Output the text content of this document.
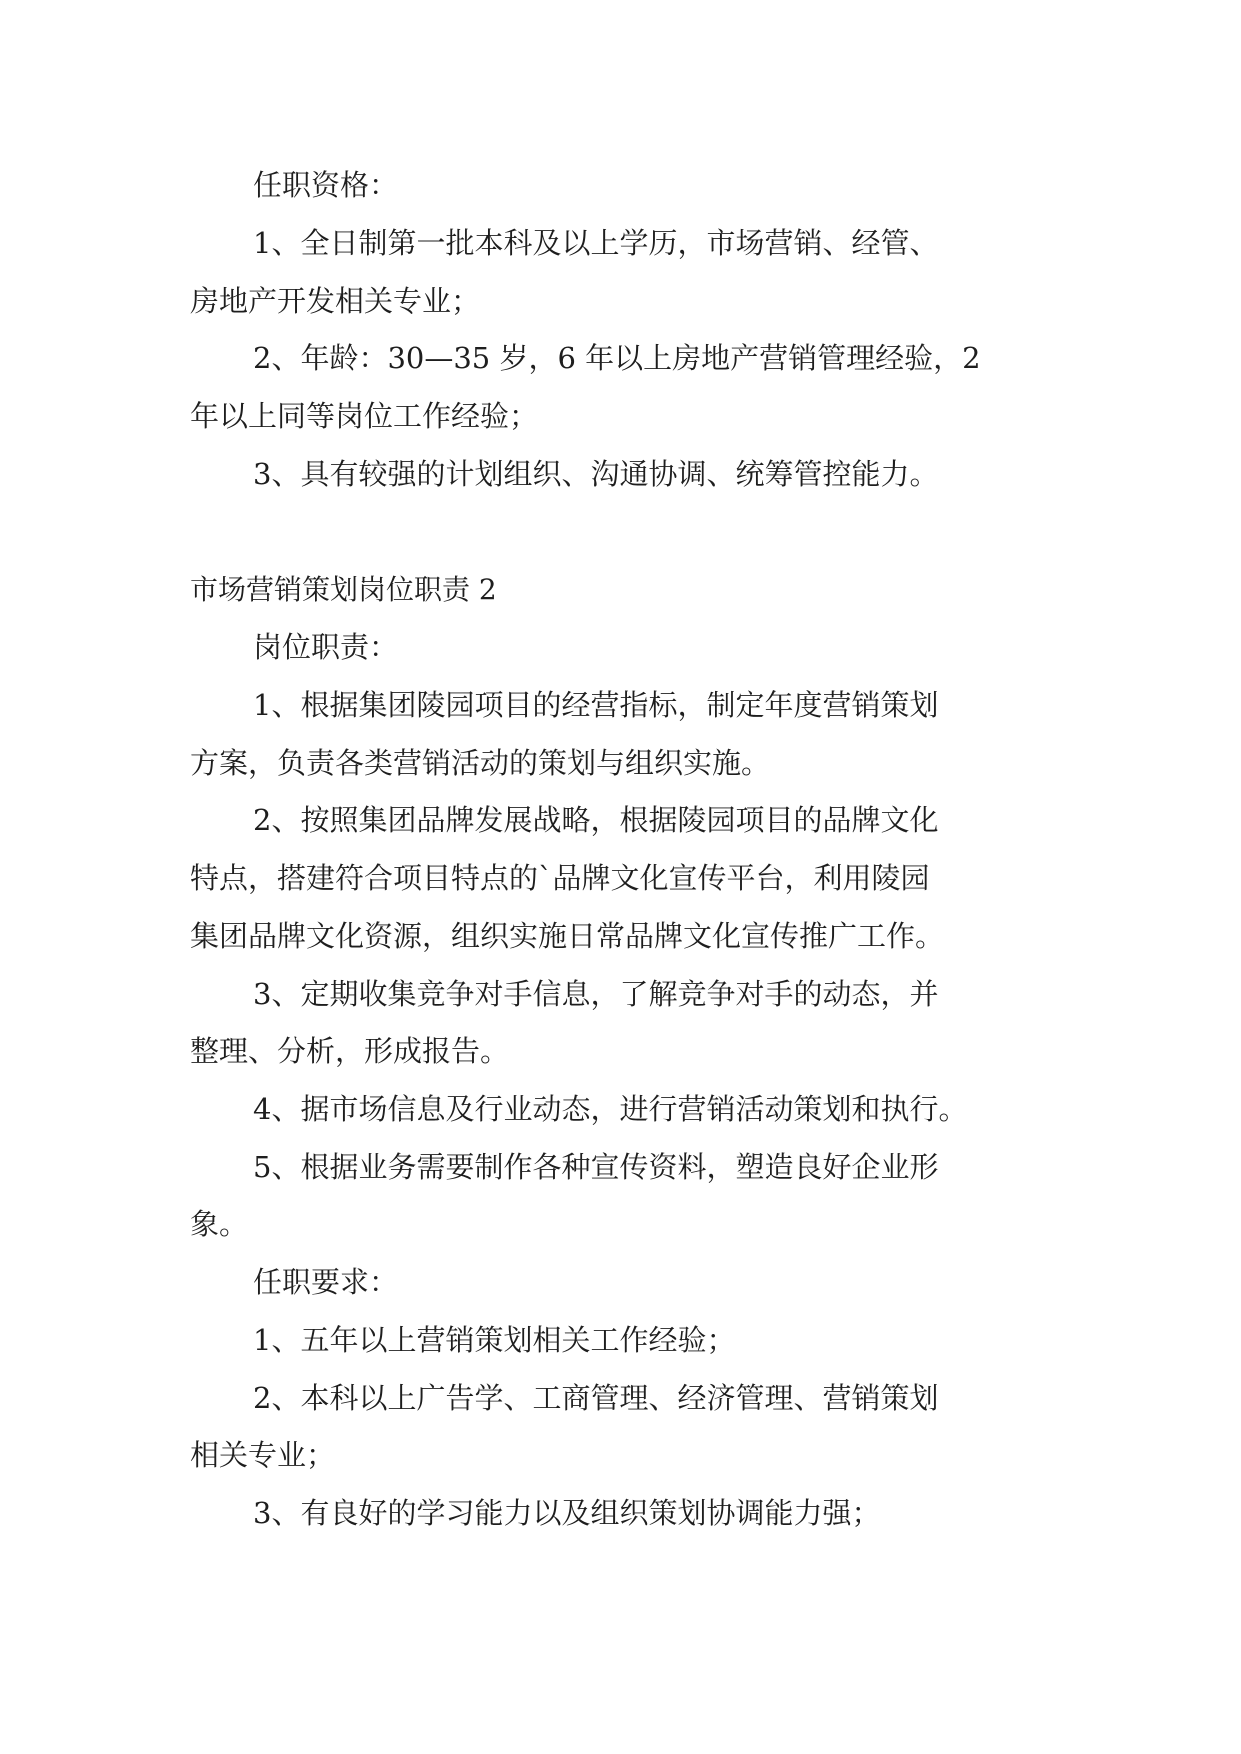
任职资格：
1、全日制第一批本科及以上学历，市场营销、经管、
房地产开发相关专业；
2、年龄：30—35 岁，6 年以上房地产营销管理经验，2
年以上同等岗位工作经验；
3、具有较强的计划组织、沟通协调、统筹管控能力。
市场营销策划岗位职责 2
岗位职责：
1、根据集团陵园项目的经营指标，制定年度营销策划
方案，负责各类营销活动的策划与组织实施。
2、按照集团品牌发展战略，根据陵园项目的品牌文化
特点，搭建符合项目特点的`品牌文化宣传平台，利用陵园
集团品牌文化资源，组织实施日常品牌文化宣传推广工作。
3、定期收集竞争对手信息，了解竞争对手的动态，并
整理、分析，形成报告。
4、据市场信息及行业动态，进行营销活动策划和执行。
5、根据业务需要制作各种宣传资料，塑造良好企业形
象。
任职要求：
1、五年以上营销策划相关工作经验；
2、本科以上广告学、工商管理、经济管理、营销策划
相关专业；
3、有良好的学习能力以及组织策划协调能力强；
